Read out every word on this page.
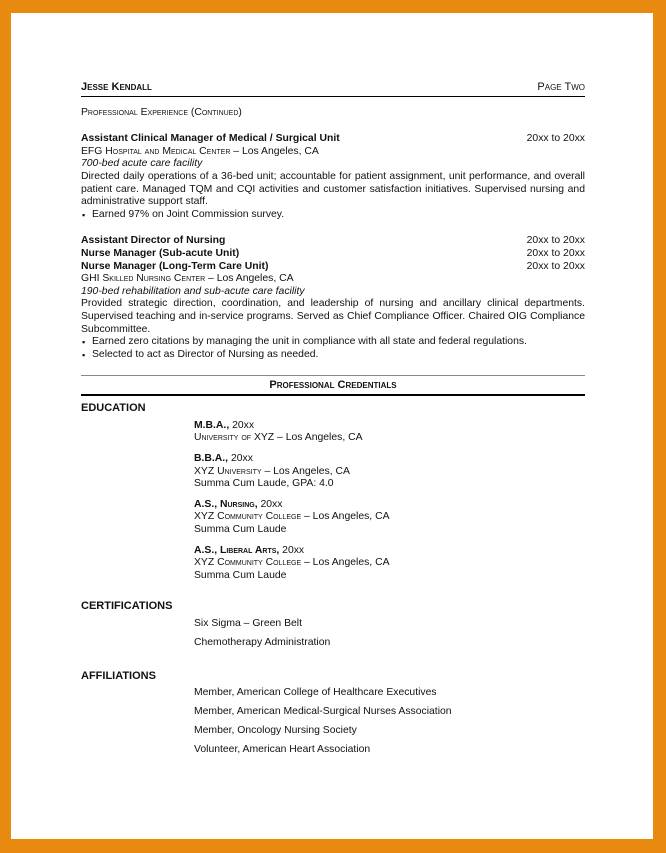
Jesse Kendall	Page Two
Professional Experience (Continued)
Assistant Clinical Manager of Medical / Surgical Unit	20xx to 20xx
EFG Hospital and Medical Center – Los Angeles, CA
700-bed acute care facility
Directed daily operations of a 36-bed unit; accountable for patient assignment, unit performance, and overall patient care. Managed TQM and CQI activities and customer satisfaction initiatives. Supervised nursing and administrative support staff.
▪ Earned 97% on Joint Commission survey.
Assistant Director of Nursing	20xx to 20xx
Nurse Manager (Sub-acute Unit)	20xx to 20xx
Nurse Manager (Long-Term Care Unit)	20xx to 20xx
GHI Skilled Nursing Center – Los Angeles, CA
190-bed rehabilitation and sub-acute care facility
Provided strategic direction, coordination, and leadership of nursing and ancillary clinical departments. Supervised teaching and in-service programs. Served as Chief Compliance Officer. Chaired OIG Compliance Subcommittee.
▪ Earned zero citations by managing the unit in compliance with all state and federal regulations.
▪ Selected to act as Director of Nursing as needed.
Professional Credentials
EDUCATION
M.B.A., 20xx
University of XYZ – Los Angeles, CA
B.B.A., 20xx
XYZ University – Los Angeles, CA
Summa Cum Laude, GPA: 4.0
A.S., Nursing, 20xx
XYZ Community College – Los Angeles, CA
Summa Cum Laude
A.S., Liberal Arts, 20xx
XYZ Community College – Los Angeles, CA
Summa Cum Laude
CERTIFICATIONS
Six Sigma – Green Belt
Chemotherapy Administration
AFFILIATIONS
Member, American College of Healthcare Executives
Member, American Medical-Surgical Nurses Association
Member, Oncology Nursing Society
Volunteer, American Heart Association
